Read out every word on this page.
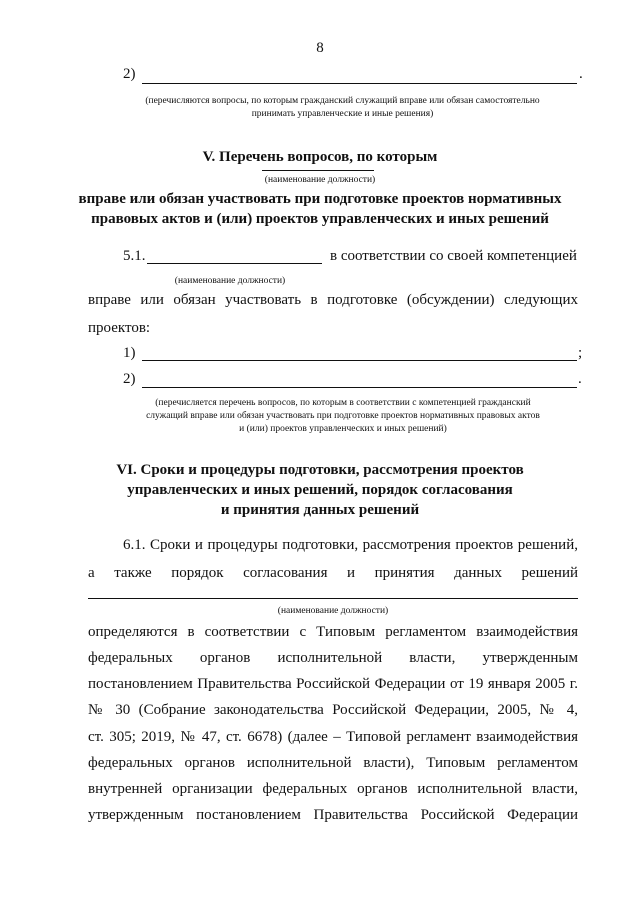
8
2)	.
(перечисляются вопросы, по которым гражданский служащий вправе или обязан самостоятельно
принимать управленческие и иные решения)
V. Перечень вопросов, по которым
(наименование должности)
вправе или обязан участвовать при подготовке проектов нормативных
правовых актов и (или) проектов управленческих и иных решений
5.1.	в соответствии со своей компетенцией
(наименование должности)
вправе или обязан участвовать в подготовке (обсуждении) следующих
проектов:
1)	;
2)	.
(перечисляется перечень вопросов, по которым в соответствии с компетенцией гражданский
служащий вправе или обязан участвовать при подготовке проектов нормативных правовых актов
и (или) проектов управленческих и иных решений)
VI. Сроки и процедуры подготовки, рассмотрения проектов
управленческих и иных решений, порядок согласования
и принятия данных решений
6.1. Сроки и процедуры подготовки, рассмотрения проектов решений,
а также порядок согласования и принятия данных решений
(наименование должности)
определяются в соответствии с Типовым регламентом взаимодействия
федеральных органов исполнительной власти, утвержденным
постановлением Правительства Российской Федерации от 19 января 2005 г.
№ 30 (Собрание законодательства Российской Федерации, 2005, № 4,
ст. 305; 2019, № 47, ст. 6678) (далее – Типовой регламент взаимодействия
федеральных органов исполнительной власти), Типовым регламентом
внутренней организации федеральных органов исполнительной власти,
утвержденным постановлением Правительства Российской Федерации
